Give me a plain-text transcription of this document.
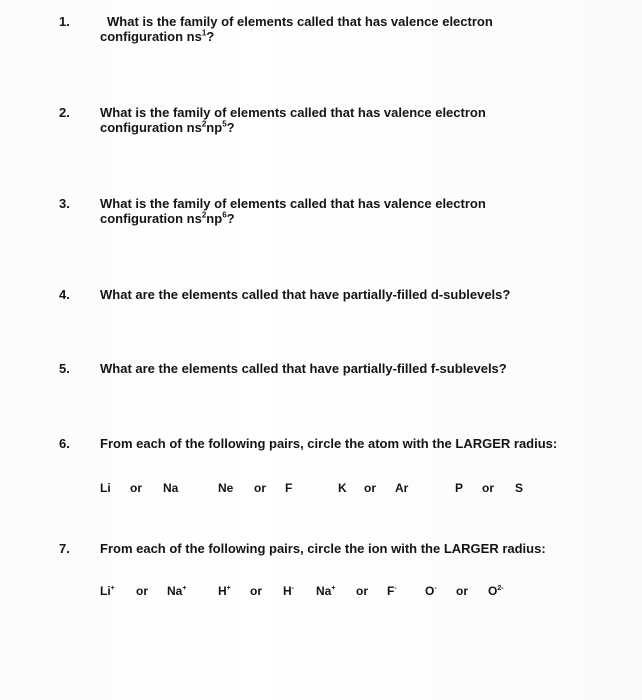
1.	What is the family of elements called that has valence electron
configuration $ns^1$?
2. What is the family of elements called that has valence electron
configuration $ns^2np^5$?
3. What is the family of elements called that has valence electron
configuration $ns^2np^6$?
4. What are the elements called that have partially-filled d-sublevels?
5. What are the elements called that have partially-filled f-sublevels?
6. From each of the following pairs, circle the atom with the LARGER radius:
Li or Na	Ne or F	K or Ar	P or S
7. From each of the following pairs, circle the ion with the LARGER radius:
Li+ or Na+	H+ or H- Na+ or F- O- or $O^{2-}$
